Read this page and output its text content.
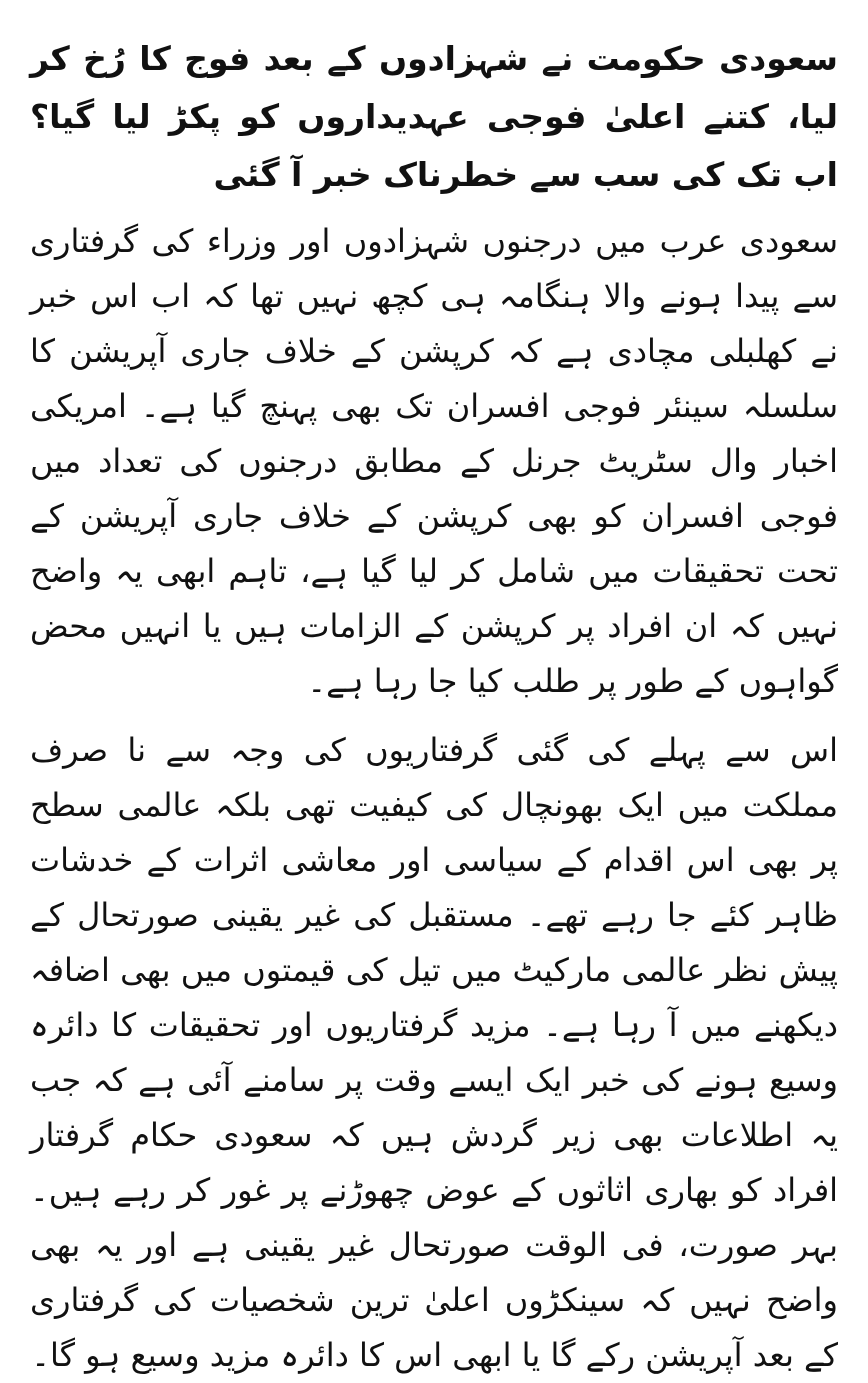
سعودی حکومت نے شہزادوں کے بعد فوج کا رُخ کر لیا، کتنے اعلیٰ فوجی عہدیداروں کو پکڑ لیا گیا؟ اب تک کی سب سے خطرناک خبر آ گئی

سعودی عرب میں درجنوں شہزادوں اور وزراء کی گرفتاری سے پیدا ہونے والا ہنگامہ ہی کچھ نہیں تھا کہ اب اس خبر نے کھلبلی مچادی ہے کہ کرپشن کے خلاف جاری آپریشن کا سلسلہ سینئر فوجی افسران تک بھی پہنچ گیا ہے۔ امریکی اخبار وال سٹریٹ جرنل کے مطابق درجنوں کی تعداد میں فوجی افسران کو بھی کرپشن کے خلاف جاری آپریشن کے تحت تحقیقات میں شامل کر لیا گیا ہے، تاہم ابھی یہ واضح نہیں کہ ان افراد پر کرپشن کے الزامات ہیں یا انہیں محض گواہوں کے طور پر طلب کیا جا رہا ہے۔

اس سے پہلے کی گئی گرفتاریوں کی وجہ سے نا صرف مملکت میں ایک بھونچال کی کیفیت تھی بلکہ عالمی سطح پر بھی اس اقدام کے سیاسی اور معاشی اثرات کے خدشات ظاہر کئے جا رہے تھے۔ مستقبل کی غیر یقینی صورتحال کے پیش نظر عالمی مارکیٹ میں تیل کی قیمتوں میں بھی اضافہ دیکھنے میں آ رہا ہے۔ مزید گرفتاریوں اور تحقیقات کا دائرہ وسیع ہونے کی خبر ایک ایسے وقت پر سامنے آئی ہے کہ جب یہ اطلاعات بھی زیر گردش ہیں کہ سعودی حکام گرفتار افراد کو بھاری اثاثوں کے عوض چھوڑنے پر غور کر رہے ہیں۔ بہر صورت، فی الوقت صورتحال غیر یقینی ہے اور یہ بھی واضح نہیں کہ سینکڑوں اعلیٰ ترین شخصیات کی گرفتاری کے بعد آپریشن رکے گا یا ابھی اس کا دائرہ مزید وسیع ہو گا۔
